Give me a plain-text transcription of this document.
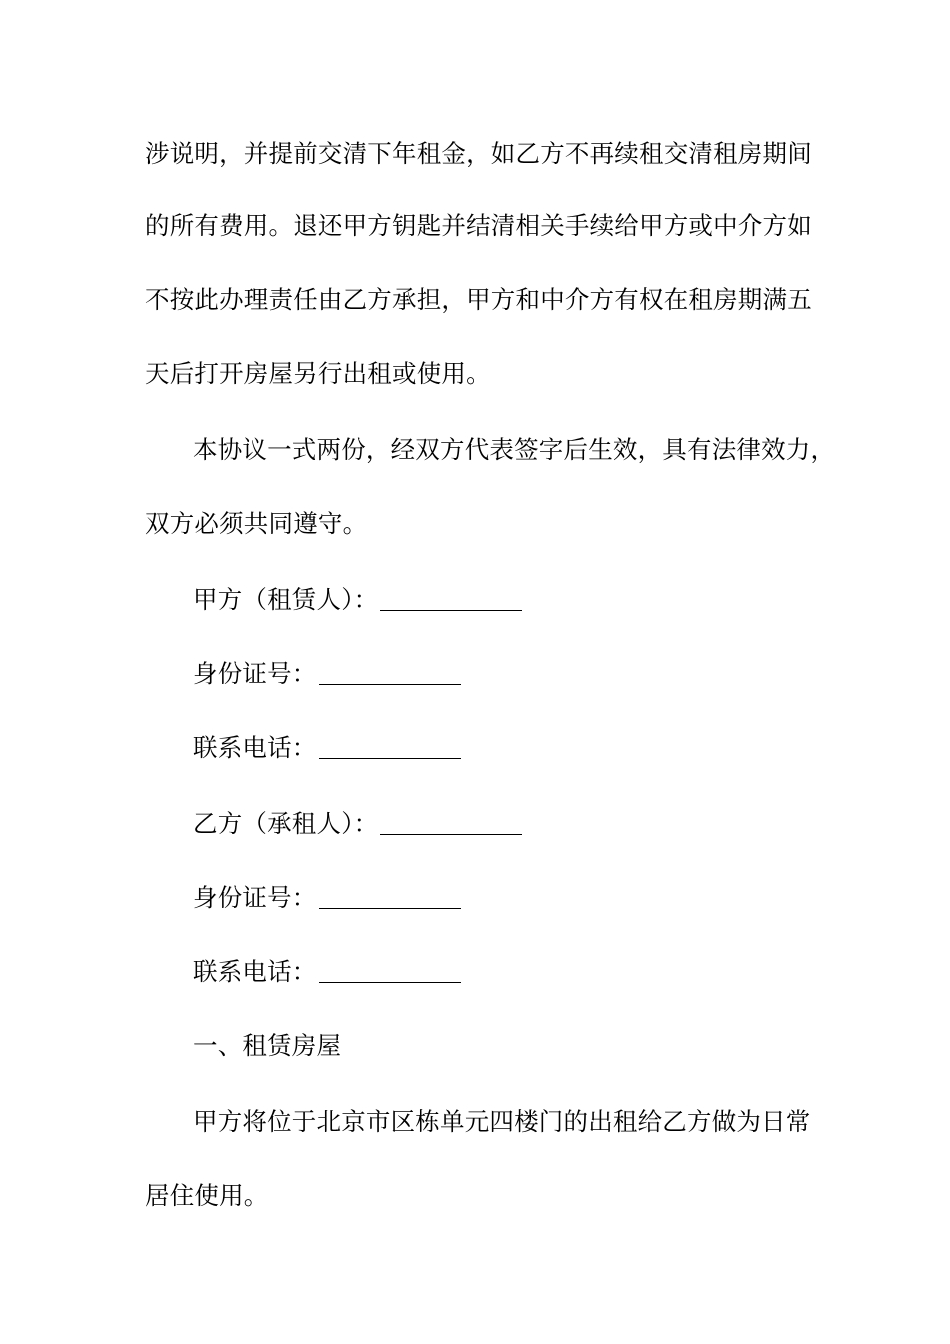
涉说明，并提前交清下年租金，如乙方不再续租交清租房期间
的所有费用。退还甲方钥匙并结清相关手续给甲方或中介方如
不按此办理责任由乙方承担，甲方和中介方有权在租房期满五
天后打开房屋另行出租或使用。
本协议一式两份，经双方代表签字后生效，具有法律效力，
双方必须共同遵守。
甲方（租赁人）：
身份证号：
联系电话：
乙方（承租人）：
身份证号：
联系电话：
一、租赁房屋
甲方将位于北京市区栋单元四楼门的出租给乙方做为日常
居住使用。
